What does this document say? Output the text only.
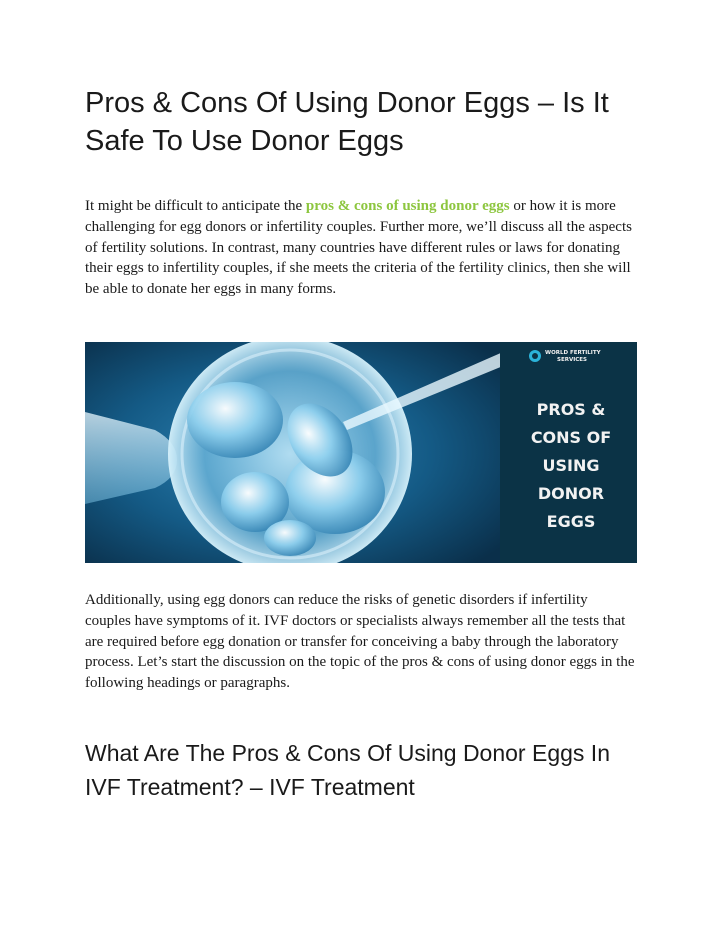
Pros & Cons Of Using Donor Eggs – Is It Safe To Use Donor Eggs

It might be difficult to anticipate the pros & cons of using donor eggs or how it is more challenging for egg donors or infertility couples. Further more, we’ll discuss all the aspects of fertility solutions. In contrast, many countries have different rules or laws for donating their eggs to infertility couples, if she meets the criteria of the fertility clinics, then she will be able to donate her eggs in many forms.

WORLD FERTILITY
SERVICES
PROS &
CONS OF
USING
DONOR
EGGS

Additionally, using egg donors can reduce the risks of genetic disorders if infertility couples have symptoms of it. IVF doctors or specialists always remember all the tests that are required before egg donation or transfer for conceiving a baby through the laboratory process. Let’s start the discussion on the topic of the pros & cons of using donor eggs in the following headings or paragraphs.

What Are The Pros & Cons Of Using Donor Eggs In IVF Treatment? – IVF Treatment
